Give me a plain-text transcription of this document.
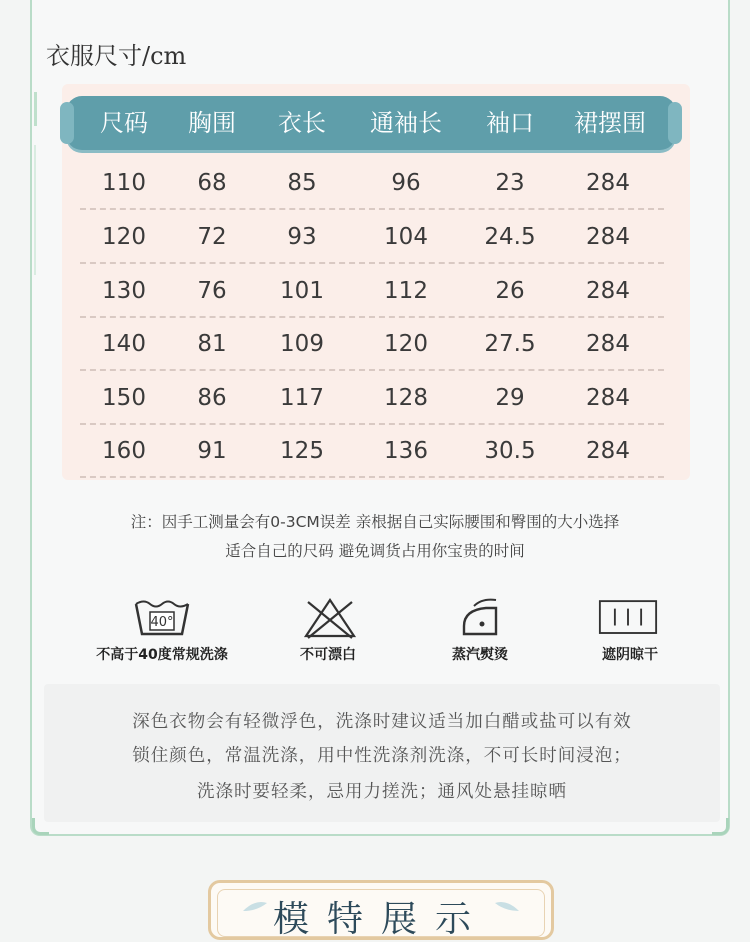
衣服尺寸/cm
尺码 胸围 衣长 通袖长 袖口 裙摆围
110 68	85	96	23	284
120 72	93	104 24.5 284
130 76 101	112	26	284
140 81 109	120 27.5 284
150 86 117	128	29	284
160 91 125	136 30.5 284
注：因手工测量会有0-3CM误差 亲根据自己实际腰围和臀围的大小选择
适合自己的尺码 避免调货占用你宝贵的时间
40°
不高于40度常规洗涤	不可漂白	蒸汽熨烫	遮阴晾干
深色衣物会有轻微浮色，洗涤时建议适当加白醋或盐可以有效
锁住颜色，常温洗涤，用中性洗涤剂洗涤，不可长时间浸泡；
洗涤时要轻柔，忌用力搓洗；通风处悬挂晾晒
模特展示
